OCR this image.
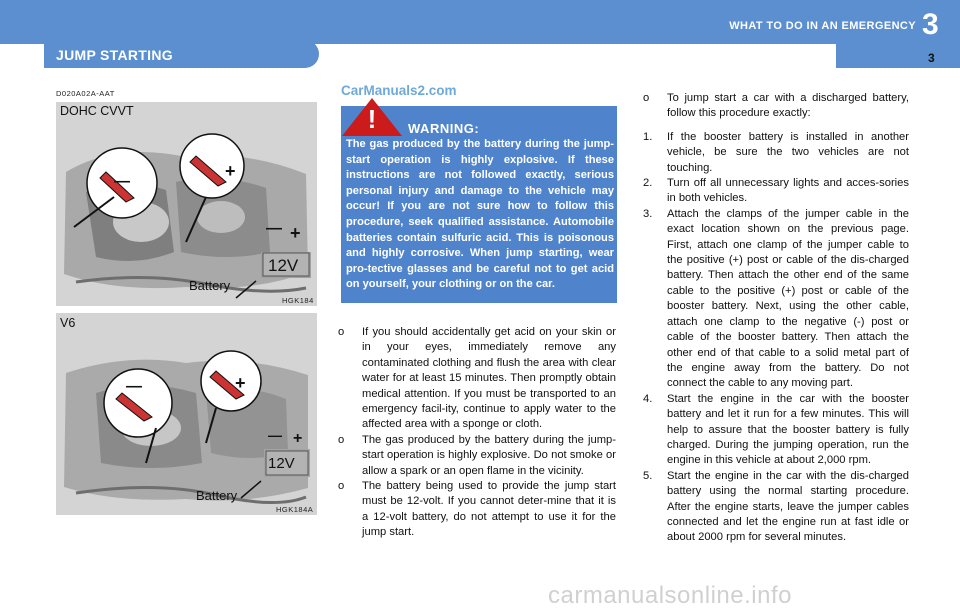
JUMP STARTING
WHAT TO DO IN AN EMERGENCY 3
3
D020A02A-AAT
DOHC CVVT
—
+
— +
12V
Battery
HGK184
V6
—	+
— +
12V
Battery
HGK184A
CarManuals2.com
carmanualsonline.info
! WARNING:
The gas produced by the battery during the jump-start operation is highly explosive. If these instructions are not followed exactly, serious personal injury and damage to the vehicle may occur! If you are not sure how to follow this procedure, seek qualified assistance. Automobile batteries contain sulfuric acid. This is poisonous and highly corrosive. When jump starting, wear pro-tective glasses and be careful not to get acid on yourself, your clothing or on the car.

o If you should accidentally get acid on your skin or in your eyes, immediately remove any contaminated clothing and flush the area with clear water for at least 15 minutes. Then promptly obtain medical attention. If you must be transported to an emergency facil-ity, continue to apply water to the affected area with a sponge or cloth.

o The gas produced by the battery during the jump-start operation is highly explosive. Do not smoke or allow a spark or an open flame in the vicinity.

o The battery being used to provide the jump start must be 12-volt. If you cannot deter-mine that it is a 12-volt battery, do not attempt to use it for the jump start.

o To jump start a car with a discharged battery, follow this procedure exactly:

1. If the booster battery is installed in another vehicle, be sure the two vehicles are not touching.

2. Turn off all unnecessary lights and acces-sories in both vehicles.

3. Attach the clamps of the jumper cable in the exact location shown on the previous page. First, attach one clamp of the jumper cable to the positive (+) post or cable of the dis-charged battery. Then attach the other end of the same cable to the positive (+) post or cable of the booster battery. Next, using the other cable, attach one clamp to the negative (-) post or cable of the booster battery. Then attach the other end of that cable to a solid metal part of the engine away from the battery. Do not connect the cable to any moving part.

4. Start the engine in the car with the booster battery and let it run for a few minutes. This will help to assure that the booster battery is fully charged. During the jumping operation, run the engine in this vehicle at about 2,000 rpm.

5. Start the engine in the car with the dis-charged battery using the normal starting procedure. After the engine starts, leave the jumper cables connected and let the engine run at fast idle or about 2000 rpm for several minutes.
